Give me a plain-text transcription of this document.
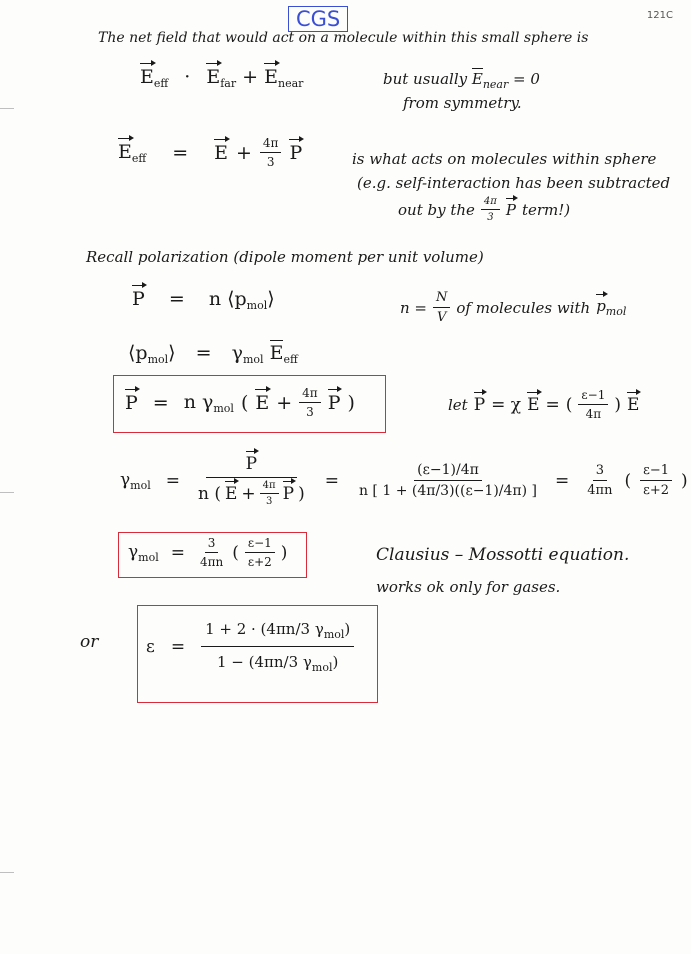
CGS	121C
The net field that would act on a molecule within this small sphere is
$E_{eff} \cdot E_{far} + E_{near}$	but usually $E_{near} = 0$
from symmetry.
$E_{eff} = E + \frac{4\pi}{3}$ P	is what acts on molecules within sphere
(e.g. self-interaction has been subtracted
out by the $\frac{4\pi}{3}$ P term!)
Recall polarization (dipole moment per unit volume)
P = n $⟨p_{mol}⟩$	$n = \frac{N}{V}$ of molecules with $p_{mol}$
$⟨p_{mol}⟩ = \gamma_{mol}$ $E_{eff}$
P = n $\gamma_{mol}$ ( $E + \frac{4\pi}{3}$ P )	let P = χ E = ( $\frac{\varepsilon-1}{4\pi}$ ) E
$\gamma_{mol} = \frac{P}{n ( E + \frac{4\pi}{3} P )} = \frac{(\varepsilon-1)/4\pi}{n [ 1 + (4\pi/3)((\varepsilon-1)/4\pi) ]} = \frac{3}{4\pi n}$ ( $\frac{\varepsilon-1}{\varepsilon+2}$ )
$\gamma_{mol} = \frac{3}{4\pi n}$ ( $\frac{\varepsilon-1}{\varepsilon+2}$ )	Clausius – Mossotti equation.
works ok only for gases.
or	$\varepsilon = \frac{1 + 2 \cdot (4\pi n/3 \gamma_{mol})}{1 - (4\pi n/3 \gamma_{mol})}$
